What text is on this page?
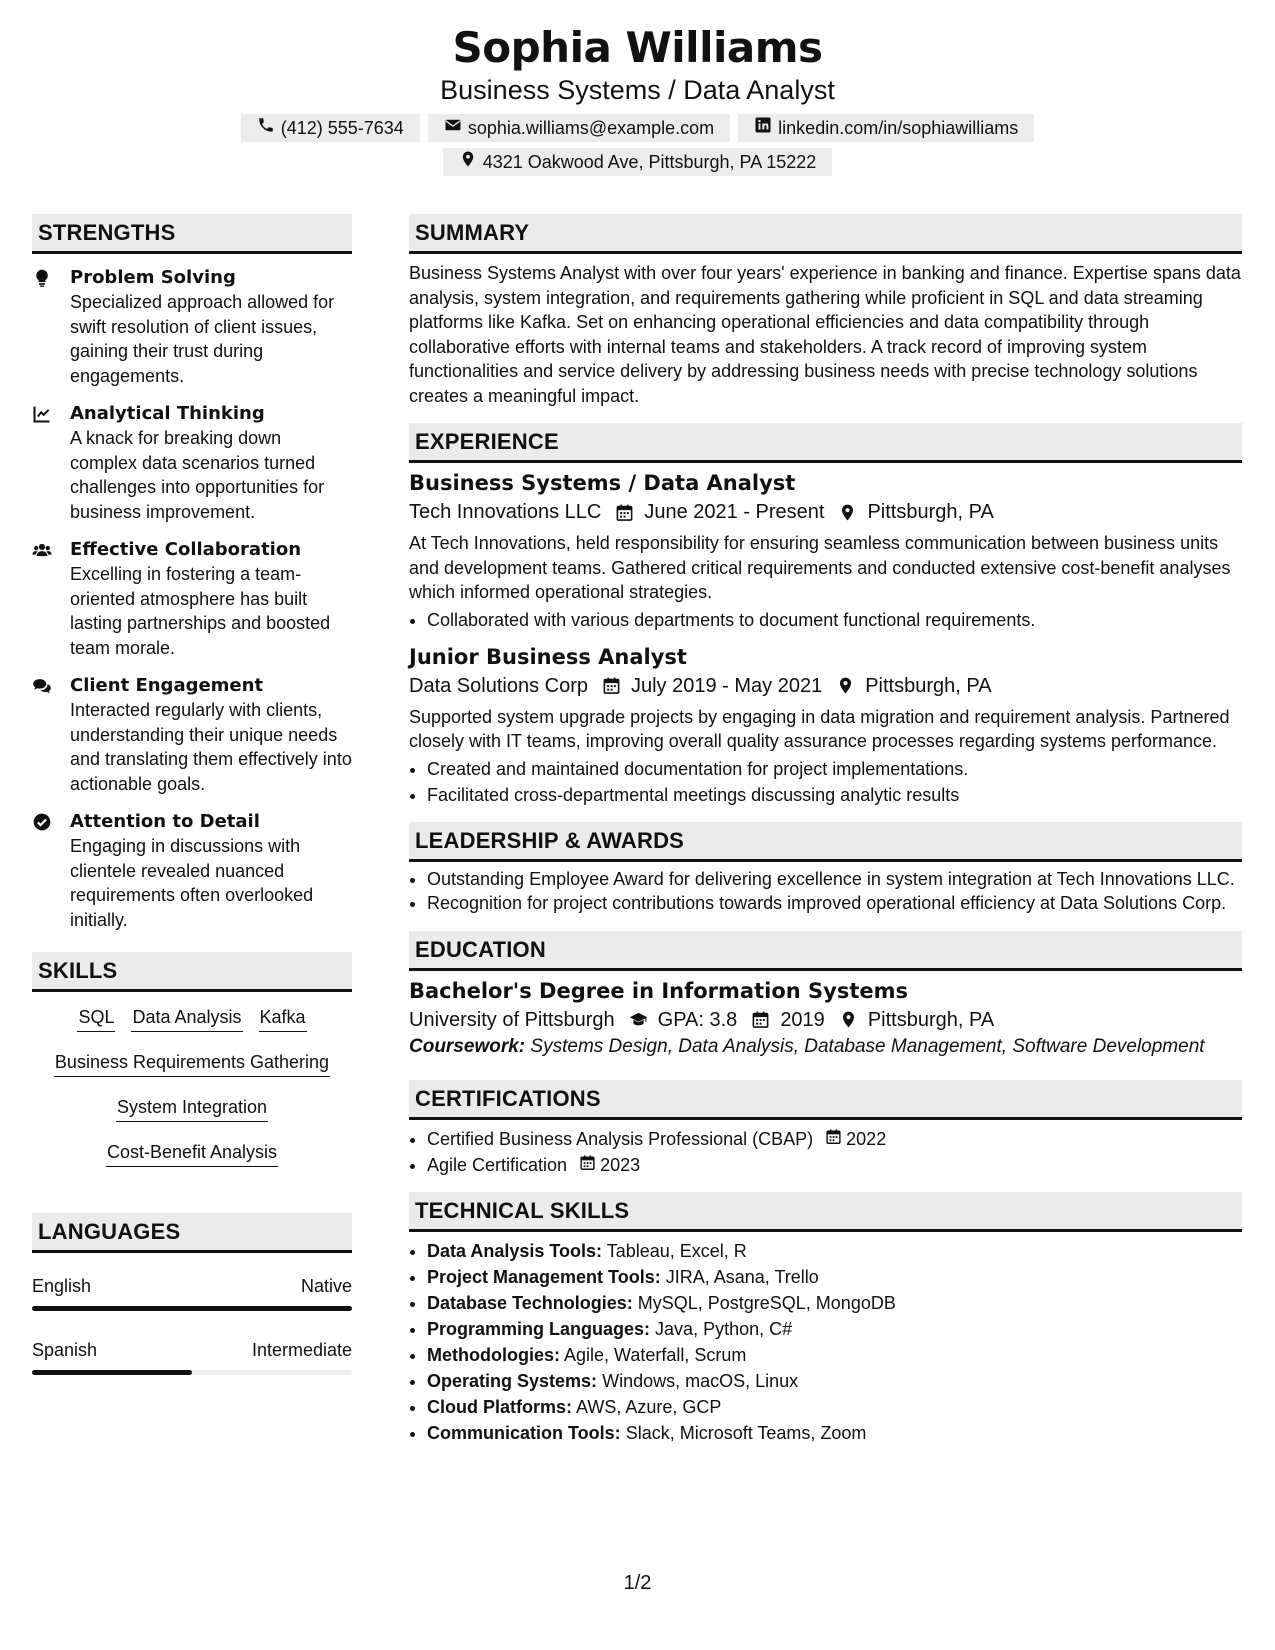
Sophia Williams
Business Systems / Data Analyst
(412) 555-7634	sophia.williams@example.com	linkedin.com/in/sophiawilliams
4321 Oakwood Ave, Pittsburgh, PA 15222
STRENGTHS
Problem Solving
Specialized approach allowed for swift resolution of client issues, gaining their trust during engagements.
Analytical Thinking
A knack for breaking down complex data scenarios turned challenges into opportunities for business improvement.
Effective Collaboration
Excelling in fostering a team-oriented atmosphere has built lasting partnerships and boosted team morale.
Client Engagement
Interacted regularly with clients, understanding their unique needs and translating them effectively into actionable goals.
Attention to Detail
Engaging in discussions with clientele revealed nuanced requirements often overlooked initially.
SKILLS
SQL Data Analysis Kafka
Business Requirements Gathering
System Integration
Cost-Benefit Analysis
LANGUAGES
English	Native
Spanish	Intermediate
SUMMARY

Business Systems Analyst with over four years' experience in banking and finance. Expertise spans data analysis, system integration, and requirements gathering while proficient in SQL and data streaming platforms like Kafka. Set on enhancing operational efficiencies and data compatibility through collaborative efforts with internal teams and stakeholders. A track record of improving system functionalities and service delivery by addressing business needs with precise technology solutions creates a meaningful impact.

EXPERIENCE
Business Systems / Data Analyst
Tech Innovations LLC June 2021 - Present Pittsburgh, PA

At Tech Innovations, held responsibility for ensuring seamless communication between business units and development teams. Gathered critical requirements and conducted extensive cost-benefit analyses which informed operational strategies.

• Collaborated with various departments to document functional requirements.
Junior Business Analyst
Data Solutions Corp July 2019 - May 2021 Pittsburgh, PA

Supported system upgrade projects by engaging in data migration and requirement analysis. Partnered closely with IT teams, improving overall quality assurance processes regarding systems performance.

• Created and maintained documentation for project implementations.
• Facilitated cross-departmental meetings discussing analytic results
LEADERSHIP & AWARDS
• Outstanding Employee Award for delivering excellence in system integration at Tech Innovations LLC.
• Recognition for project contributions towards improved operational efficiency at Data Solutions Corp.
EDUCATION
Bachelor's Degree in Information Systems
University of Pittsburgh GPA: 3.8 2019 Pittsburgh, PA
Coursework: Systems Design, Data Analysis, Database Management, Software Development
CERTIFICATIONS
• Certified Business Analysis Professional (CBAP) 2022
• Agile Certification 2023
TECHNICAL SKILLS
• Data Analysis Tools: Tableau, Excel, R
• Project Management Tools: JIRA, Asana, Trello
• Database Technologies: MySQL, PostgreSQL, MongoDB
• Programming Languages: Java, Python, C#
• Methodologies: Agile, Waterfall, Scrum
• Operating Systems: Windows, macOS, Linux
• Cloud Platforms: AWS, Azure, GCP
• Communication Tools: Slack, Microsoft Teams, Zoom
1/2
